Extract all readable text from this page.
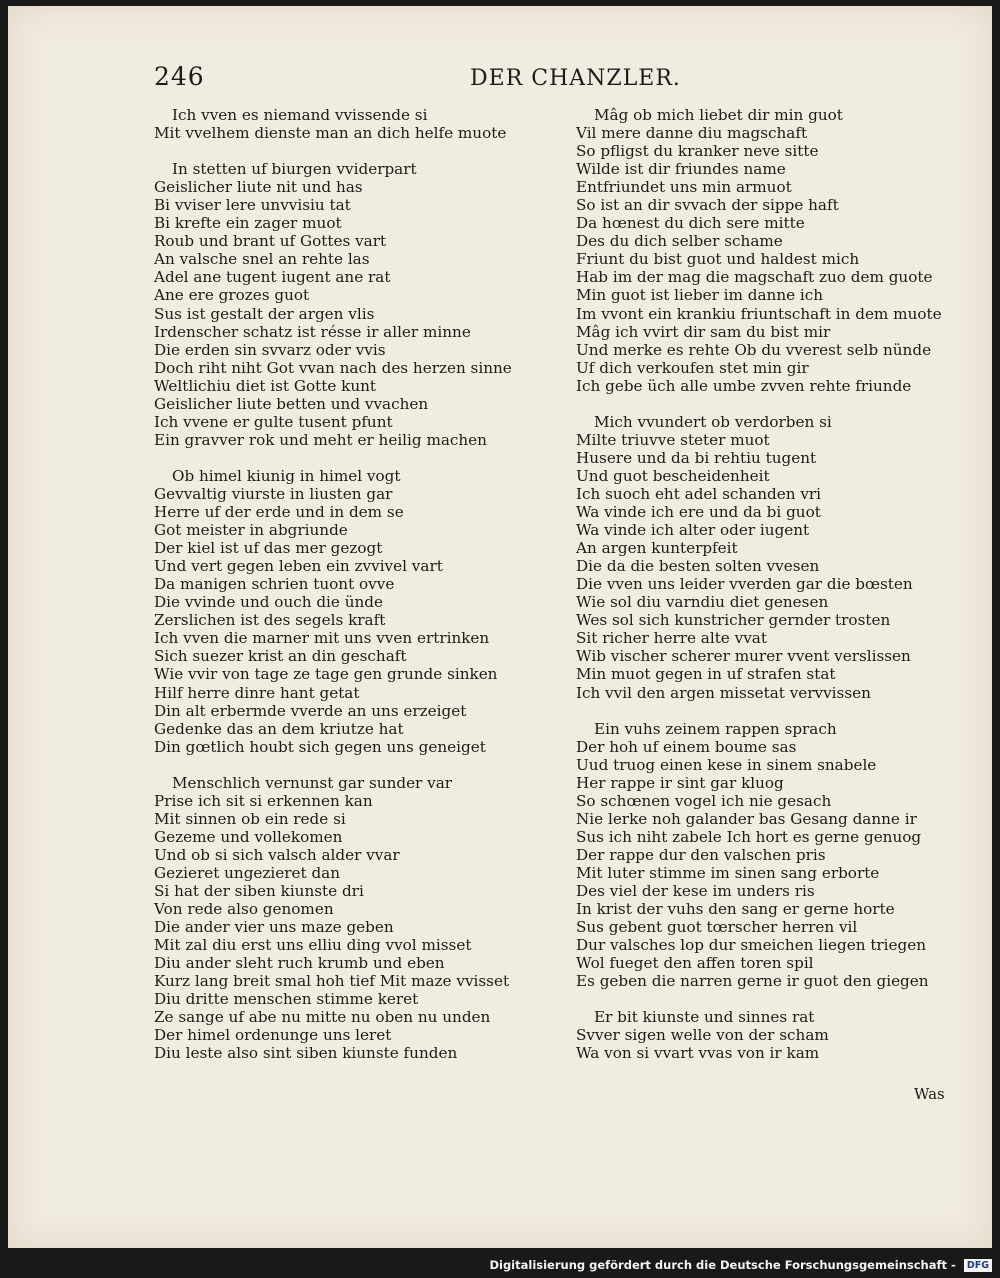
246	DER CHANZLER.
Ich vven es niemand vvissende si
Mit vvelhem dienste man an dich helfe muote
In stetten uf biurgen vviderpart
Geislicher liute nit und has
Bi vviser lere unvvisiu tat
Bi krefte ein zager muot
Roub und brant uf Gottes vart
An valsche snel an rehte las
Adel ane tugent iugent ane rat
Ane ere grozes guot
Sus ist gestalt der argen vlis
Irdenscher schatz ist résse ir aller minne
Die erden sin svvarz oder vvis
Doch riht niht Got vvan nach des herzen sinne
Weltlichiu diet ist Gotte kunt
Geislicher liute betten und vvachen
Ich vvene er gulte tusent pfunt
Ein gravver rok und meht er heilig machen
Ob himel kiunig in himel vogt
Gevvaltig viurste in liusten gar
Herre uf der erde und in dem se
Got meister in abgriunde
Der kiel ist uf das mer gezogt
Und vert gegen leben ein zvvivel vart
Da manigen schrien tuont ovve
Die vvinde und ouch die ünde
Zerslichen ist des segels kraft
Ich vven die marner mit uns vven ertrinken
Sich suezer krist an din geschaft
Wie vvir von tage ze tage gen grunde sinken
Hilf herre dinre hant getat
Din alt erbermde vverde an uns erzeiget
Gedenke das an dem kriutze hat
Din gœtlich houbt sich gegen uns geneiget
Menschlich vernunst gar sunder var
Prise ich sit si erkennen kan
Mit sinnen ob ein rede si
Gezeme und vollekomen
Und ob si sich valsch alder vvar
Gezieret ungezieret dan
Si hat der siben kiunste dri
Von rede also genomen
Die ander vier uns maze geben
Mit zal diu erst uns elliu ding vvol misset
Diu ander sleht ruch krumb und eben
Kurz lang breit smal hoh tief Mit maze vvisset
Diu dritte menschen stimme keret
Ze sange uf abe nu mitte nu oben nu unden
Der himel ordenunge uns leret
Diu leste also sint siben kiunste funden
Mâg ob mich liebet dir min guot
Vil mere danne diu magschaft
So pfligst du kranker neve sitte
Wilde ist dir friundes name
Entfriundet uns min armuot
So ist an dir svvach der sippe haft
Da hœnest du dich sere mitte
Des du dich selber schame
Friunt du bist guot und haldest mich
Hab im der mag die magschaft zuo dem guote
Min guot ist lieber im danne ich
Im vvont ein krankiu friuntschaft in dem muote
Mâg ich vvirt dir sam du bist mir
Und merke es rehte Ob du vverest selb nünde
Uf dich verkoufen stet min gir
Ich gebe üch alle umbe zvven rehte friunde
Mich vvundert ob verdorben si
Milte triuvve steter muot
Husere und da bi rehtiu tugent
Und guot bescheidenheit
Ich suoch eht adel schanden vri
Wa vinde ich ere und da bi guot
Wa vinde ich alter oder iugent
An argen kunterpfeit
Die da die besten solten vvesen
Die vven uns leider vverden gar die bœsten
Wie sol diu varndiu diet genesen
Wes sol sich kunstricher gernder trosten
Sit richer herre alte vvat
Wib vischer scherer murer vvent verslissen
Min muot gegen in uf strafen stat
Ich vvil den argen missetat vervvissen
Ein vuhs zeinem rappen sprach
Der hoh uf einem boume sas
Uud truog einen kese in sinem snabele
Her rappe ir sint gar kluog
So schœnen vogel ich nie gesach
Nie lerke noh galander bas Gesang danne ir
Sus ich niht zabele Ich hort es gerne genuog
Der rappe dur den valschen pris
Mit luter stimme im sinen sang erborte
Des viel der kese im unders ris
In krist der vuhs den sang er gerne horte
Sus gebent guot tœrscher herren vil
Dur valsches lop dur smeichen liegen triegen
Wol fueget den affen toren spil
Es geben die narren gerne ir guot den giegen
Er bit kiunste und sinnes rat
Svver sigen welle von der scham
Wa von si vvart vvas von ir kam
Was
Digitalisierung gefördert durch die Deutsche Forschungsgemeinschaft - DFG
